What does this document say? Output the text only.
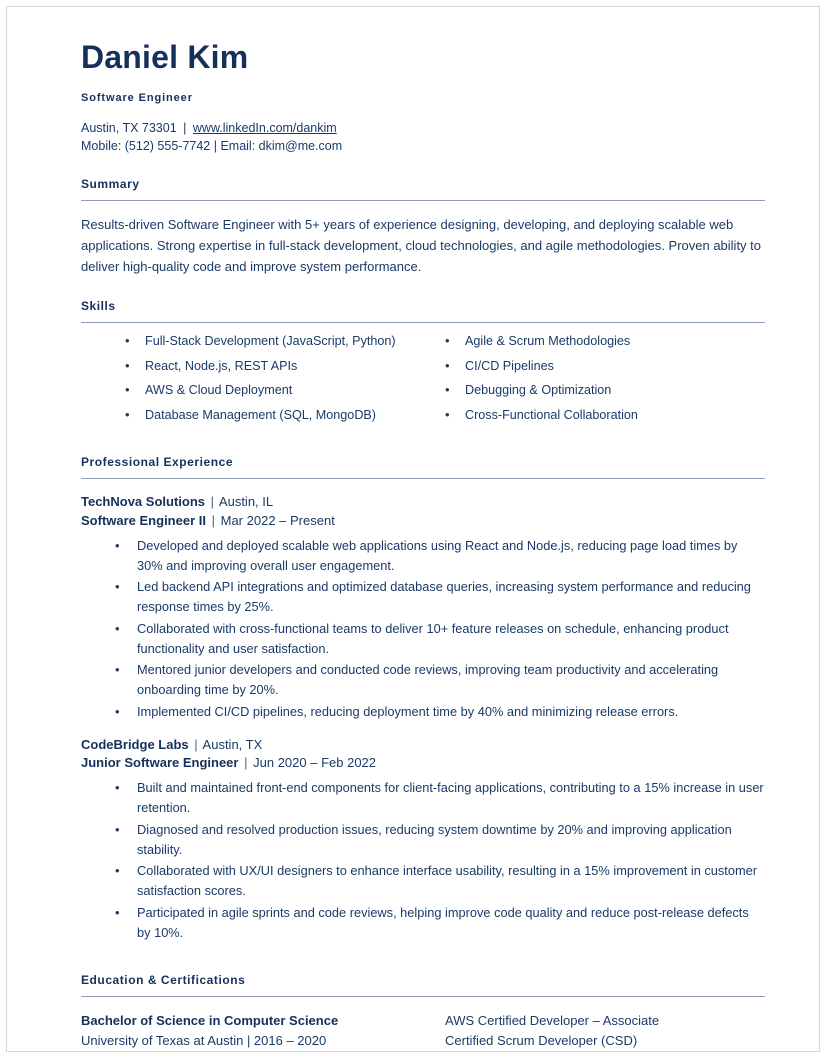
Daniel Kim
Software Engineer
Austin, TX 73301 | www.linkedIn.com/dankim
Mobile: (512) 555-7742 | Email: dkim@me.com
Summary
Results-driven Software Engineer with 5+ years of experience designing, developing, and deploying scalable web applications. Strong expertise in full-stack development, cloud technologies, and agile methodologies. Proven ability to deliver high-quality code and improve system performance.
Skills
• Full-Stack Development (JavaScript, Python)
• React, Node.js, REST APIs
• AWS & Cloud Deployment
• Database Management (SQL, MongoDB)
• Agile & Scrum Methodologies
• CI/CD Pipelines
• Debugging & Optimization
• Cross-Functional Collaboration
Professional Experience
TechNova Solutions | Austin, IL
Software Engineer II | Mar 2022 – Present
• Developed and deployed scalable web applications using React and Node.js, reducing page load times by 30% and improving overall user engagement.
• Led backend API integrations and optimized database queries, increasing system performance and reducing response times by 25%.
• Collaborated with cross-functional teams to deliver 10+ feature releases on schedule, enhancing product functionality and user satisfaction.
• Mentored junior developers and conducted code reviews, improving team productivity and accelerating onboarding time by 20%.
• Implemented CI/CD pipelines, reducing deployment time by 40% and minimizing release errors.
CodeBridge Labs | Austin, TX
Junior Software Engineer | Jun 2020 – Feb 2022
• Built and maintained front-end components for client-facing applications, contributing to a 15% increase in user retention.
• Diagnosed and resolved production issues, reducing system downtime by 20% and improving application stability.
• Collaborated with UX/UI designers to enhance interface usability, resulting in a 15% improvement in customer satisfaction scores.
• Participated in agile sprints and code reviews, helping improve code quality and reduce post-release defects by 10%.
Education & Certifications
Bachelor of Science in Computer Science
University of Texas at Austin | 2016 – 2020
AWS Certified Developer – Associate
Certified Scrum Developer (CSD)
